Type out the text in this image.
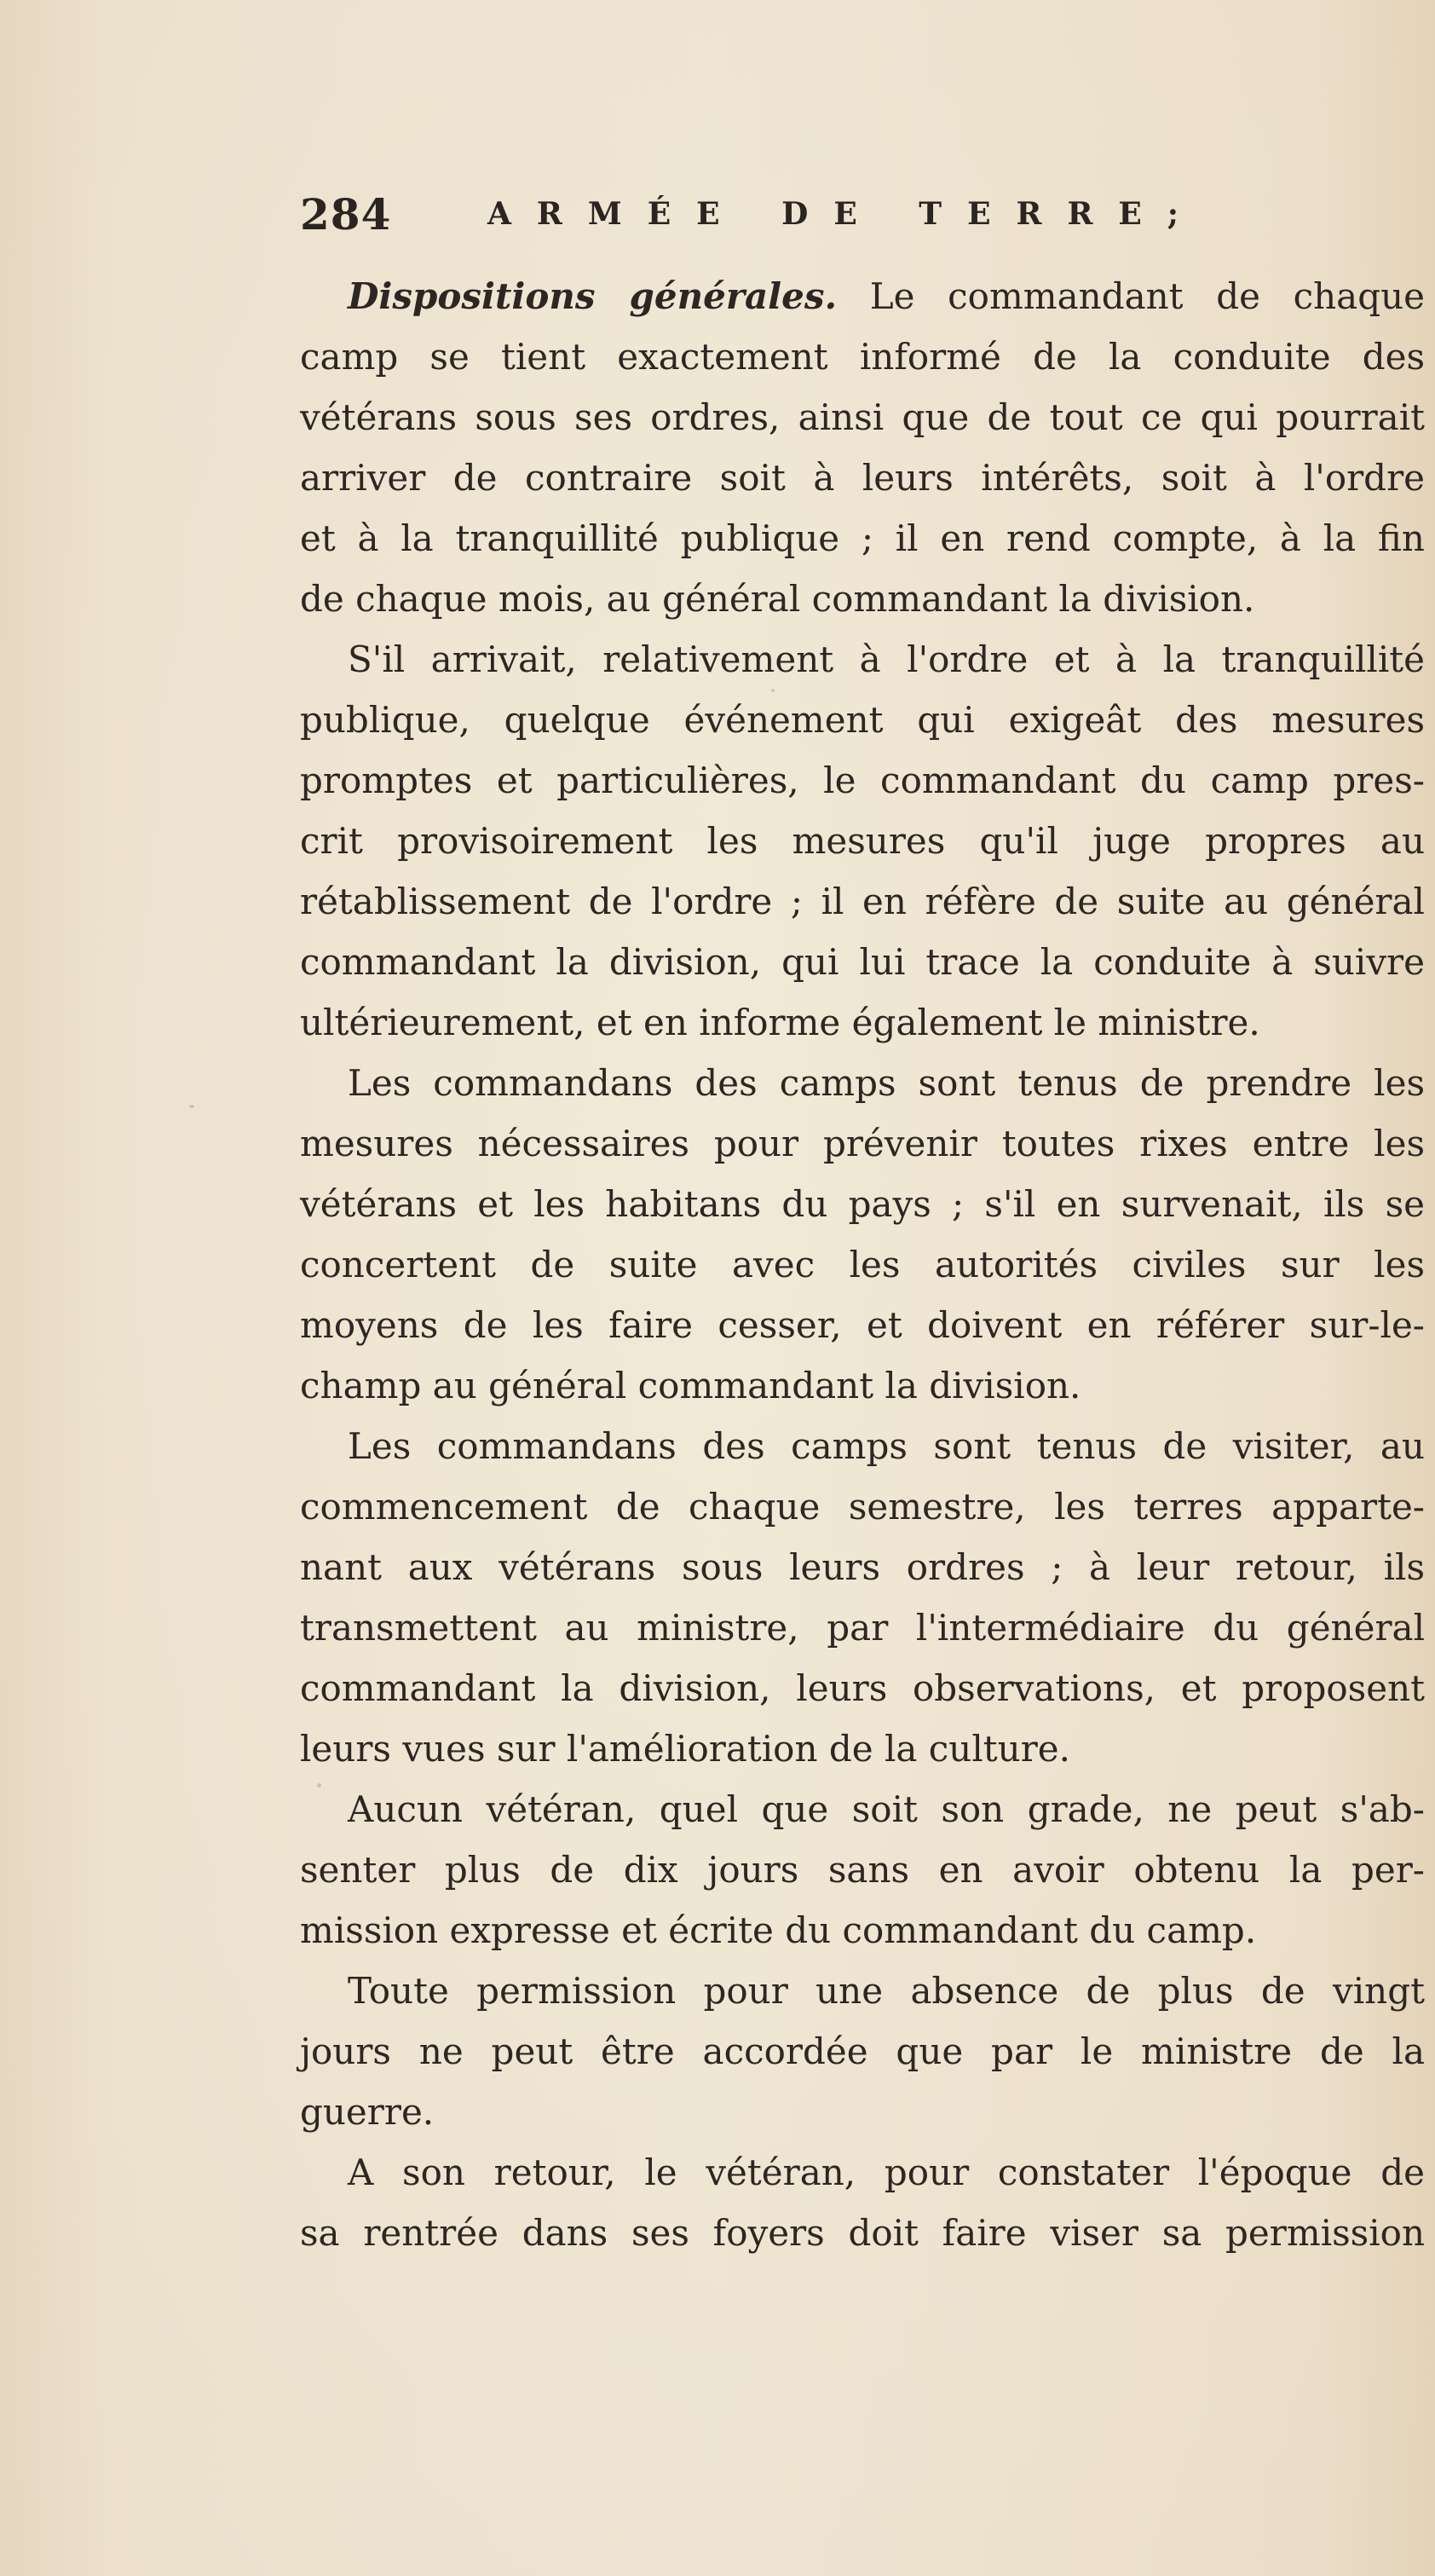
284	ARMÉE DE TERRE;
Dispositions générales. Le commandant de chaque
camp se tient exactement informé de la conduite des
vétérans sous ses ordres, ainsi que de tout ce qui pourrait
arriver de contraire soit à leurs intérêts, soit à l'ordre
et à la tranquillité publique ; il en rend compte, à la fin
de chaque mois, au général commandant la division.
S'il arrivait, relativement à l'ordre et à la tranquillité
publique, quelque événement qui exigeât des mesures
promptes et particulières, le commandant du camp pres-
crit provisoirement les mesures qu'il juge propres au
rétablissement de l'ordre ; il en réfère de suite au général
commandant la division, qui lui trace la conduite à suivre
ultérieurement, et en informe également le ministre.
Les commandans des camps sont tenus de prendre les
mesures nécessaires pour prévenir toutes rixes entre les
vétérans et les habitans du pays ; s'il en survenait, ils se
concertent de suite avec les autorités civiles sur les
moyens de les faire cesser, et doivent en référer sur-le-
champ au général commandant la division.
Les commandans des camps sont tenus de visiter, au
commencement de chaque semestre, les terres apparte-
nant aux vétérans sous leurs ordres ; à leur retour, ils
transmettent au ministre, par l'intermédiaire du général
commandant la division, leurs observations, et proposent
leurs vues sur l'amélioration de la culture.
Aucun vétéran, quel que soit son grade, ne peut s'ab-
senter plus de dix jours sans en avoir obtenu la per-
mission expresse et écrite du commandant du camp.
Toute permission pour une absence de plus de vingt
jours ne peut être accordée que par le ministre de la
guerre.
A son retour, le vétéran, pour constater l'époque de
sa rentrée dans ses foyers doit faire viser sa permission
